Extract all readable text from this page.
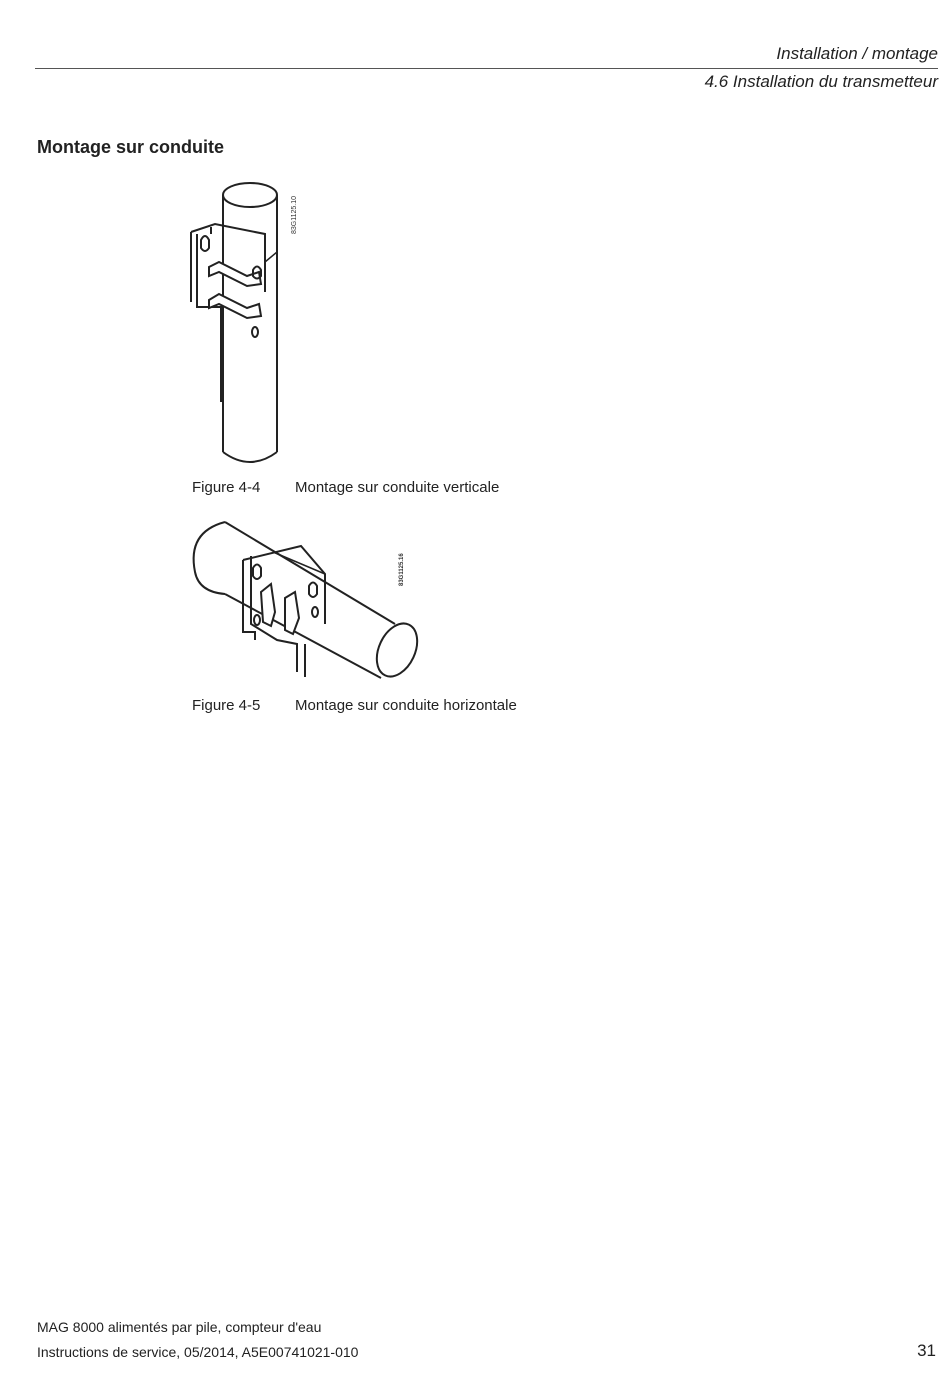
Installation / montage
4.6 Installation du transmetteur
Montage sur conduite
83G1125.10
Figure 4-4 Montage sur conduite verticale
83G1125.16
Figure 4-5 Montage sur conduite horizontale
MAG 8000 alimentés par pile, compteur d'eau
Instructions de service, 05/2014, A5E00741021-010	31
